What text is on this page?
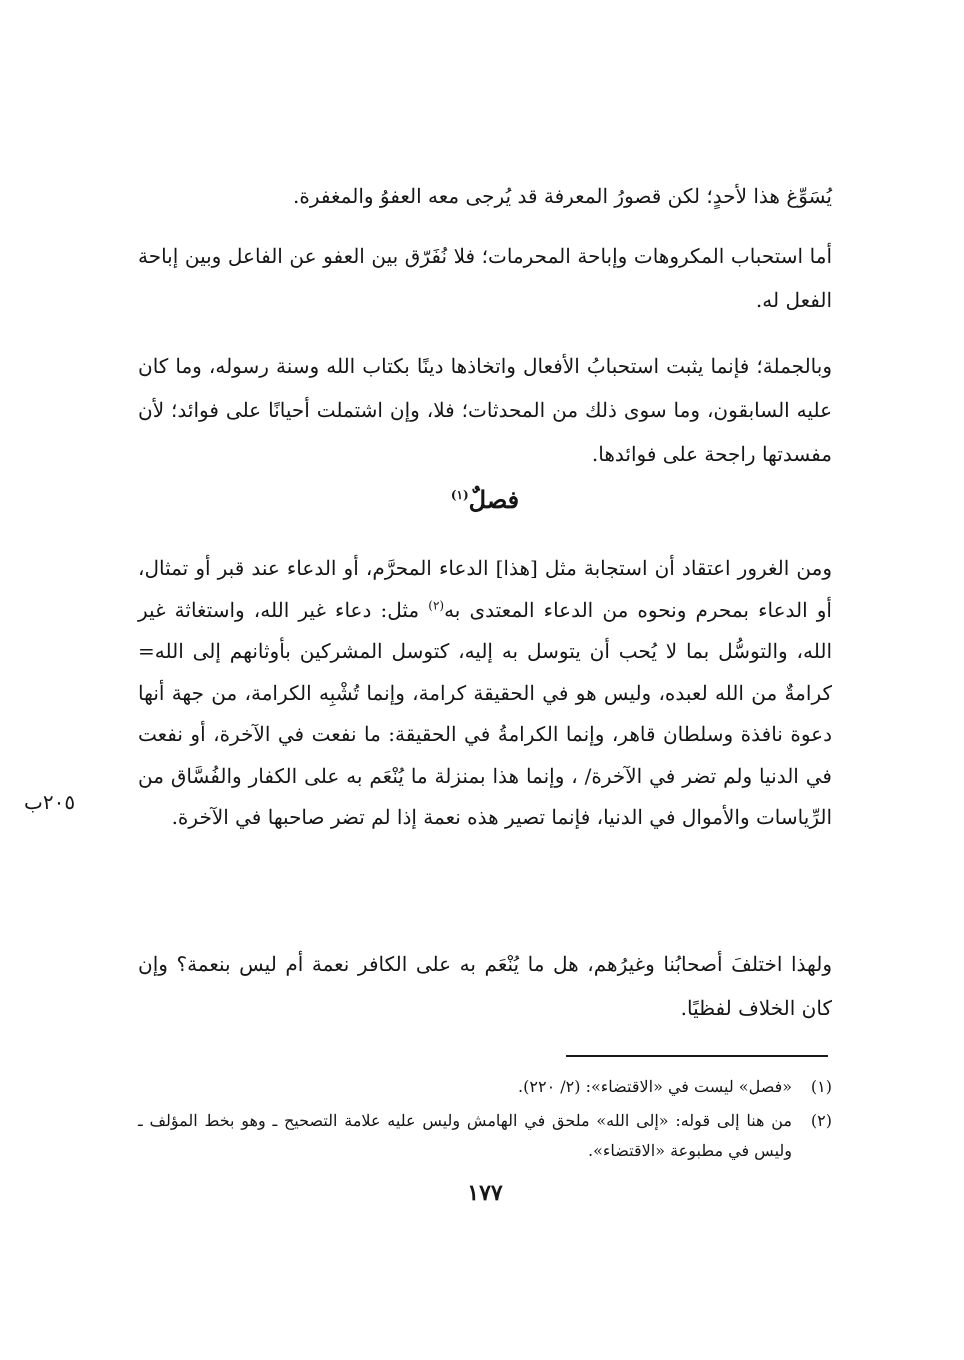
يُسَوِّغ هذا لأحدٍ؛ لكن قصورُ المعرفة قد يُرجى معه العفوُ والمغفرة.

أما استحباب المكروهات وإباحة المحرمات؛ فلا نُفَرّق بين العفو عن الفاعل وبين إباحة الفعل له.

وبالجملة؛ فإنما يثبت استحبابُ الأفعال واتخاذها دينًا بكتاب الله وسنة رسوله، وما كان عليه السابقون، وما سوى ذلك من المحدثات؛ فلا، وإن اشتملت أحيانًا على فوائد؛ لأن مفسدتها راجحة على فوائدها.

فصلٌ$^{(١)}$

ومن الغرور اعتقاد أن استجابة مثل [هذا] الدعاء المحرَّم، أو الدعاء عند قبر أو تمثال، أو الدعاء بمحرم ونحوه من الدعاء المعتدى به$^{(٢)}$ مثل: دعاء غير الله، واستغاثة غير الله، والتوسُّل بما لا يُحب أن يتوسل به إليه، كتوسل المشركين بأوثانهم إلى الله= كرامةٌ من الله لعبده، وليس هو في الحقيقة كرامة، وإنما تُشْبِه الكرامة، من جهة أنها دعوة نافذة وسلطان قاهر، وإنما الكرامةُ في الحقيقة: ما نفعت في الآخرة، أو نفعت في الدنيا ولم تضر في الآخرة/ ، وإنما هذا بمنزلة ما يُنْعَم به على الكفار والفُسَّاق من الرِّياسات والأموال في الدنيا، فإنما تصير هذه نعمة إذا لم تضر صاحبها في الآخرة.

ولهذا اختلفَ أصحابُنا وغيرُهم، هل ما يُنْعَم به على الكافر نعمة أم ليس بنعمة؟ وإن كان الخلاف لفظيًا.

٢٠٥ب
(١)
«فصل» ليست في «الاقتضاء»: (٢/ ٢٢٠).
(٢)
من هنا إلى قوله: «إلى الله» ملحق في الهامش وليس عليه علامة التصحيح ـ وهو بخط المؤلف ـ وليس في مطبوعة «الاقتضاء».
١٧٧
